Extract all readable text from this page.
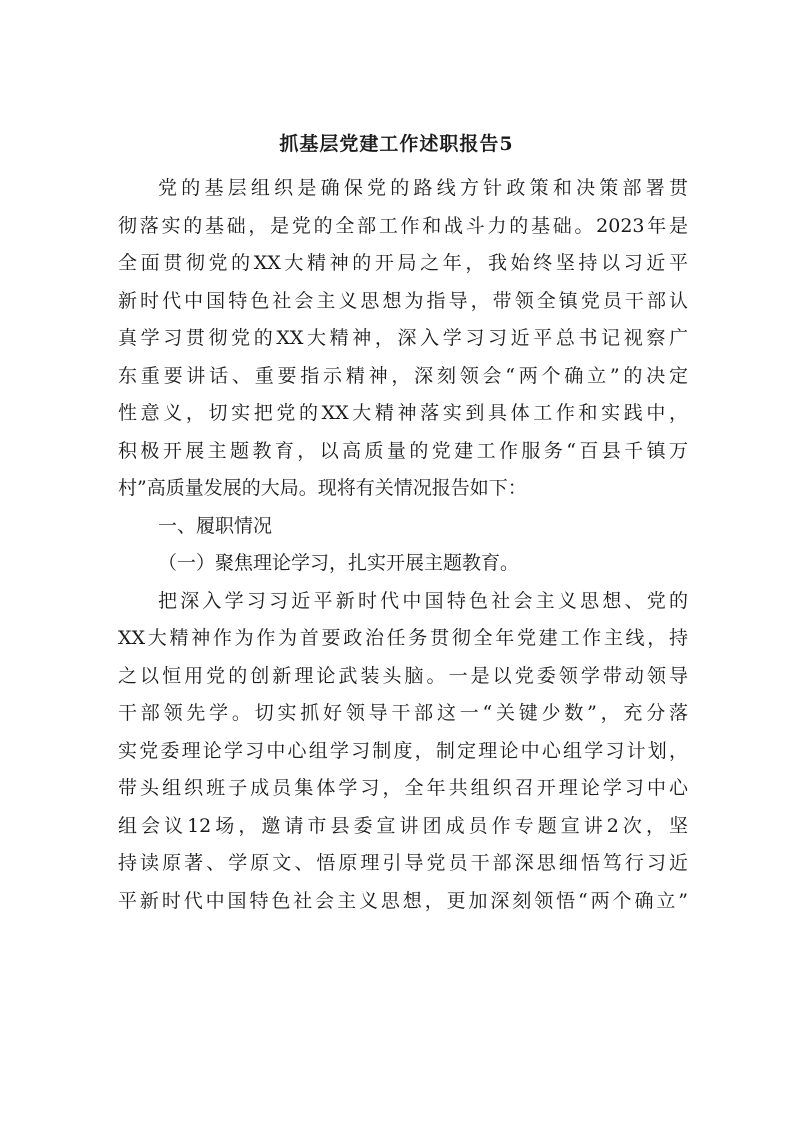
抓基层党建工作述职报告5
党的基层组织是确保党的路线方针政策和决策部署贯
彻落实的基础，是党的全部工作和战斗力的基础。2023年是
全面贯彻党的XX大精神的开局之年，我始终坚持以习近平
新时代中国特色社会主义思想为指导，带领全镇党员干部认
真学习贯彻党的XX大精神，深入学习习近平总书记视察广
东重要讲话、重要指示精神，深刻领会“两个确立”的决定
性意义，切实把党的XX大精神落实到具体工作和实践中，
积极开展主题教育，以高质量的党建工作服务“百县千镇万
村”高质量发展的大局。现将有关情况报告如下：
一、履职情况
（一）聚焦理论学习，扎实开展主题教育。
把深入学习习近平新时代中国特色社会主义思想、党的
XX大精神作为作为首要政治任务贯彻全年党建工作主线，持
之以恒用党的创新理论武装头脑。一是以党委领学带动领导
干部领先学。切实抓好领导干部这一“关键少数”，充分落
实党委理论学习中心组学习制度，制定理论中心组学习计划，
带头组织班子成员集体学习，全年共组织召开理论学习中心
组会议12场，邀请市县委宣讲团成员作专题宣讲2次，坚
持读原著、学原文、悟原理引导党员干部深思细悟笃行习近
平新时代中国特色社会主义思想，更加深刻领悟“两个确立”
